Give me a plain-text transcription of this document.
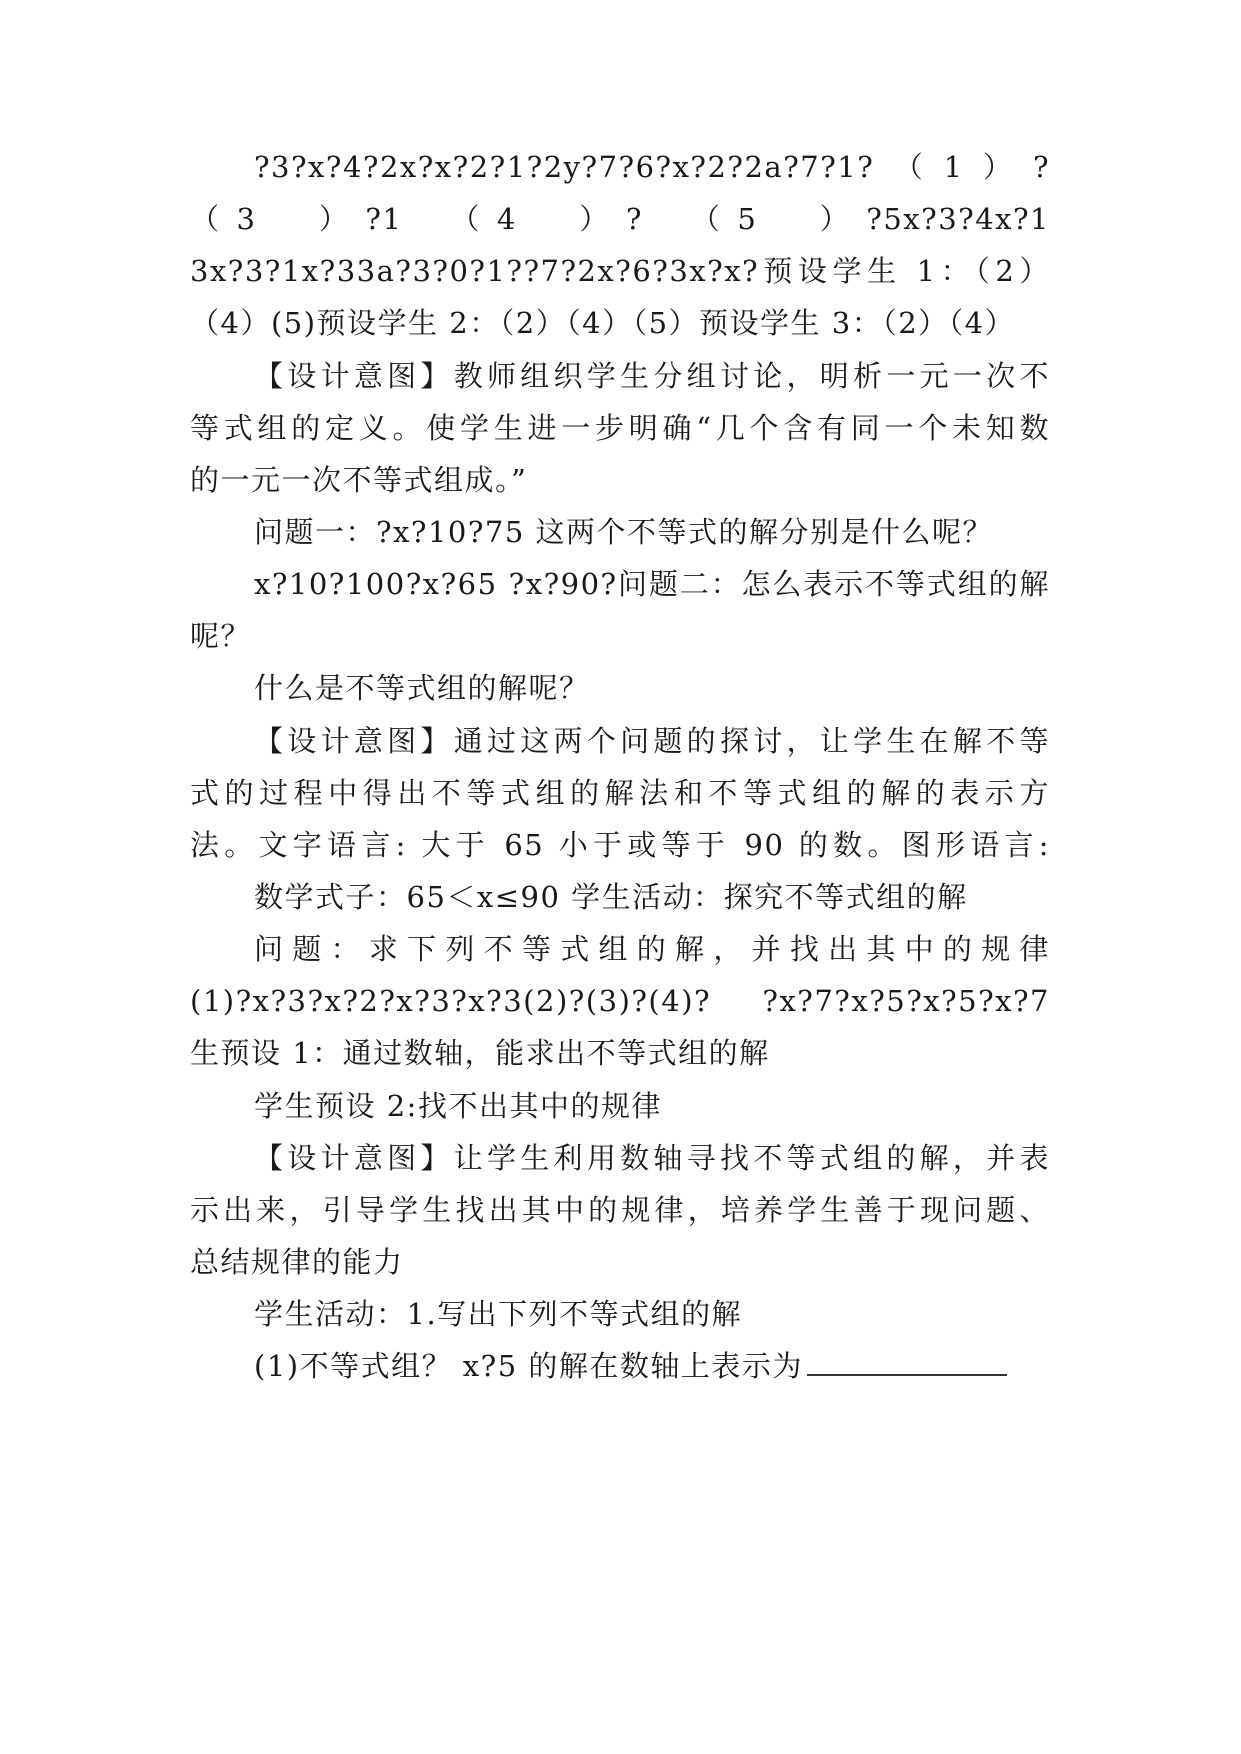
?3?x?4?2x?x?2?1?2y?7?6?x?2?2a?7?1?（1）?
（3　）?1　（4　）?　（5　）?5x?3?4x?1
3x?3?1x?33a?3?0?1??7?2x?6?3x?x?预设学生 1：（2）
（4）(5)预设学生 2：（2）（4）（5）预设学生 3：（2）（4）
【设计意图】教师组织学生分组讨论，明析一元一次不
等式组的定义。使学生进一步明确“几个含有同一个未知数
的一元一次不等式组成。”
问题一：?x?10?75 这两个不等式的解分别是什么呢？
x?10?100?x?65 ?x?90?问题二：怎么表示不等式组的解
呢？
什么是不等式组的解呢？
【设计意图】通过这两个问题的探讨，让学生在解不等
式的过程中得出不等式组的解法和不等式组的解的表示方
法。文字语言: 大于 65 小于或等于 90 的数。图形语言:
数学式子：65＜x≤90 学生活动：探究不等式组的解
问题：求下列不等式组的解，并找出其中的规律
(1)?x?3?x?2?x?3?x?3(2)?(3)?(4)? ?x?7?x?5?x?5?x?7
生预设 1：通过数轴，能求出不等式组的解
学生预设 2:找不出其中的规律
【设计意图】让学生利用数轴寻找不等式组的解，并表
示出来，引导学生找出其中的规律，培养学生善于现问题、
总结规律的能力
学生活动：1.写出下列不等式组的解
(1)不等式组？ x?5 的解在数轴上表示为
